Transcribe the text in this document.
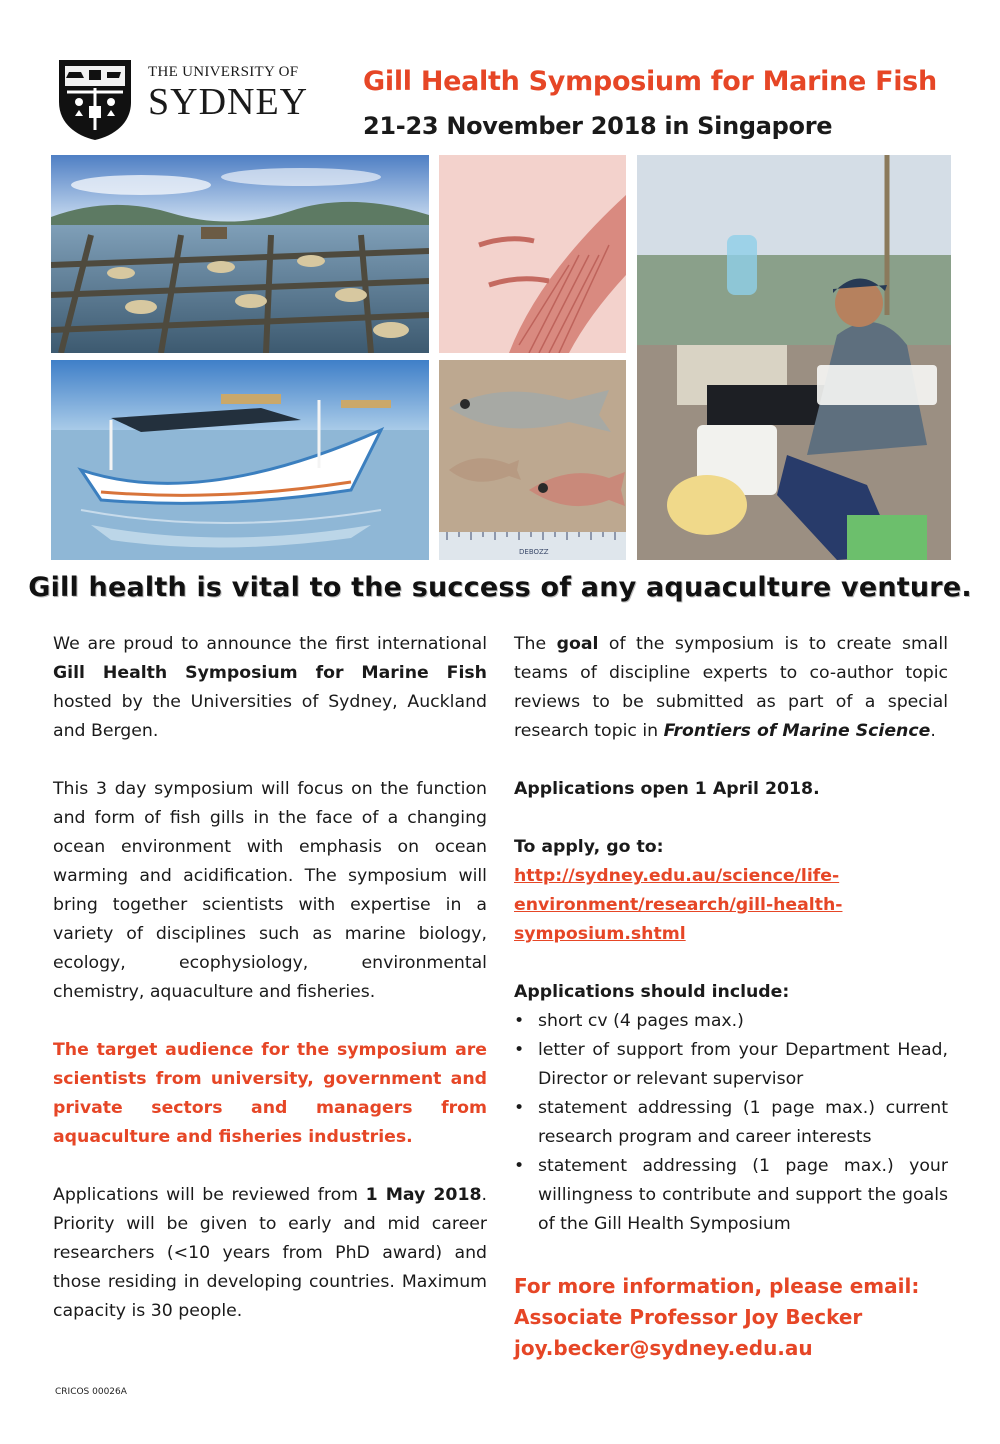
THE UNIVERSITY OF
SYDNEY Gill Health Symposium for Marine Fish
21-23 November 2018 in Singapore
DEBOZZ
Gill health is vital to the success of any aquaculture venture.

We are proud to announce the first international Gill Health Symposium for Marine Fish hosted by the Universities of Sydney, Auckland and Bergen.

This 3 day symposium will focus on the function and form of fish gills in the face of a changing ocean environment with emphasis on ocean warming and acidification. The symposium will bring together scientists with expertise in a variety of disciplines such as marine biology, ecology, ecophysiology, environmental chemistry, aquaculture and fisheries.

The target audience for the symposium are scientists from university, government and private sectors and managers from aquaculture and fisheries industries.

Applications will be reviewed from 1 May 2018. Priority will be given to early and mid career researchers (<10 years from PhD award) and those residing in developing countries. Maximum capacity is 30 people.

The goal of the symposium is to create small teams of discipline experts to co-author topic reviews to be submitted as part of a special research topic in Frontiers of Marine Science.

Applications open 1 April 2018.

To apply, go to:

http://sydney.edu.au/science/life-
environment/research/gill-health-
symposium.shtml

Applications should include:

• short cv (4 pages max.)
• letter of support from your Department Head, Director or relevant supervisor
• statement addressing (1 page max.) current research program and career interests
• statement addressing (1 page max.) your willingness to contribute and support the goals of the Gill Health Symposium

For more information, please email:

Associate Professor Joy Becker

joy.becker@sydney.edu.au

CRICOS 00026A
